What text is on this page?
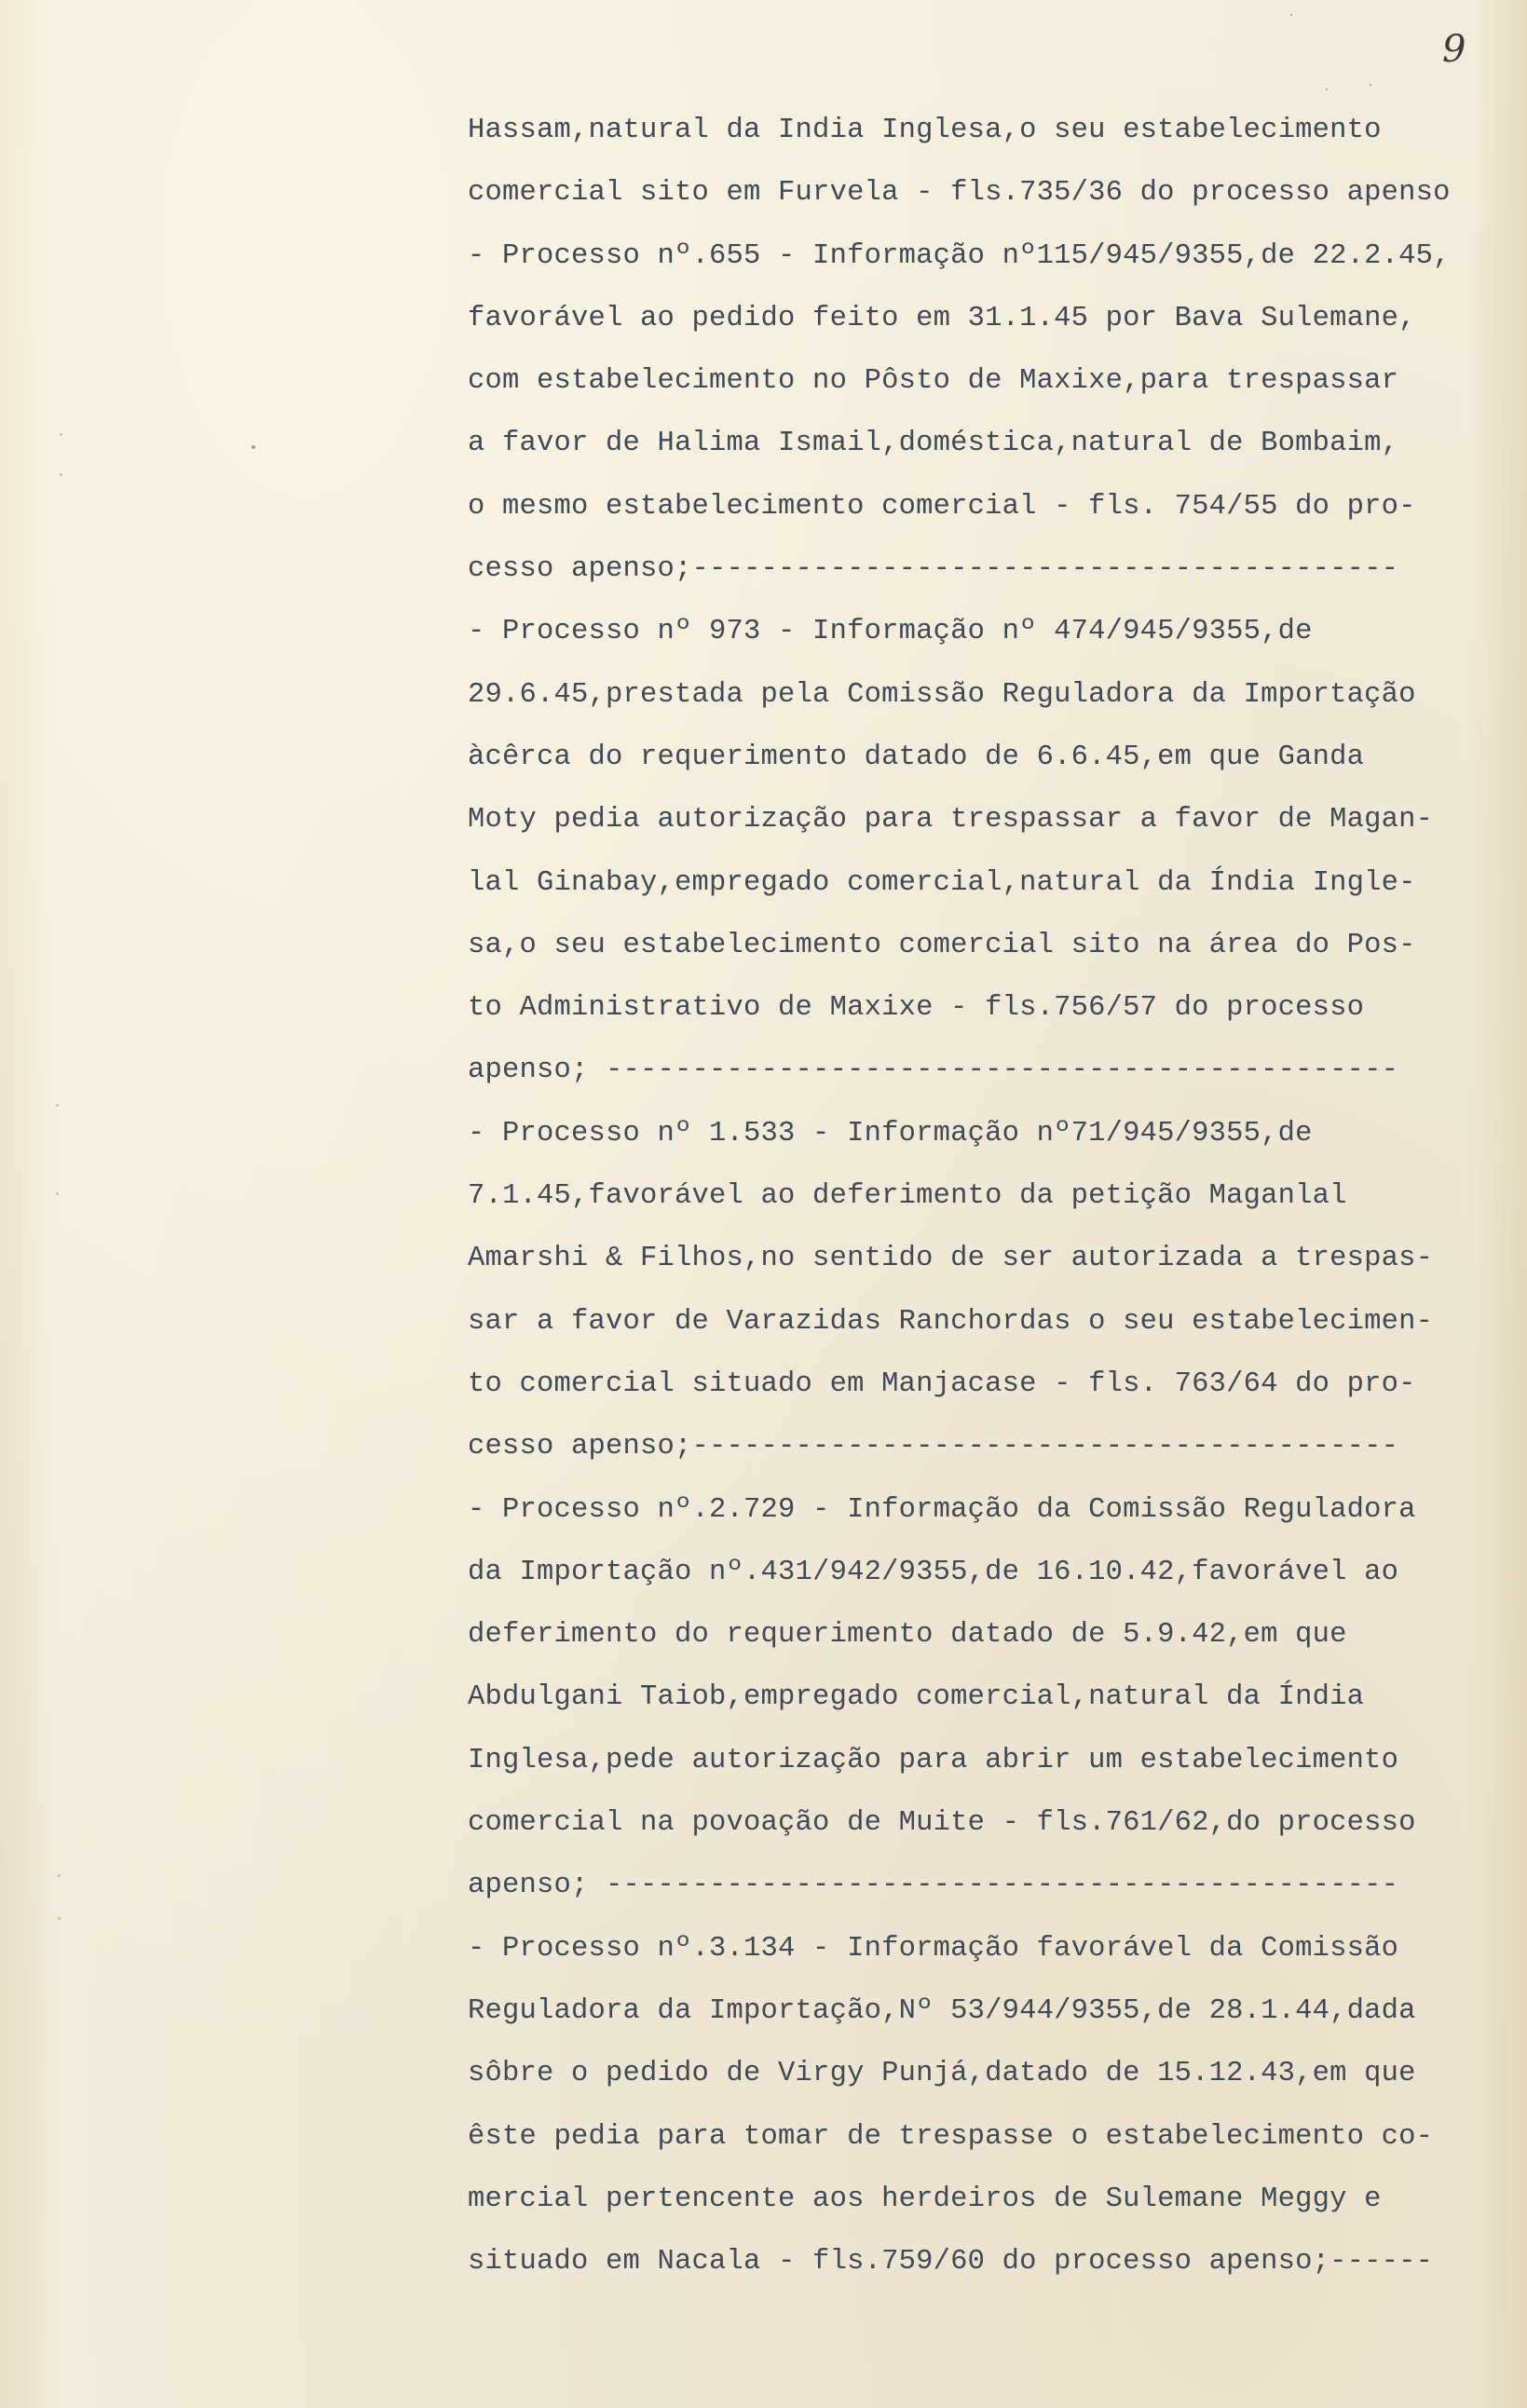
9
Hassam,natural da India Inglesa,o seu estabelecimento
comercial sito em Furvela - fls.735/36 do processo apenso
- Processo nº.655 - Informação nº115/945/9355,de 22.2.45,
favorável ao pedido feito em 31.1.45 por Bava Sulemane,
com estabelecimento no Pôsto de Maxixe,para trespassar
a favor de Halima Ismail,doméstica,natural de Bombaim,
o mesmo estabelecimento comercial - fls. 754/55 do pro-
cesso apenso;-----------------------------------------
- Processo nº 973 - Informação nº 474/945/9355,de
29.6.45,prestada pela Comissão Reguladora da Importação
àcêrca do requerimento datado de 6.6.45,em que Ganda
Moty pedia autorização para trespassar a favor de Magan-
lal Ginabay,empregado comercial,natural da Índia Ingle-
sa,o seu estabelecimento comercial sito na área do Pos-
to Administrativo de Maxixe - fls.756/57 do processo
apenso; ----------------------------------------------
- Processo nº 1.533 - Informação nº71/945/9355,de
7.1.45,favorável ao deferimento da petição Maganlal
Amarshi & Filhos,no sentido de ser autorizada a trespas-
sar a favor de Varazidas Ranchordas o seu estabelecimen-
to comercial situado em Manjacase - fls. 763/64 do pro-
cesso apenso;-----------------------------------------
- Processo nº.2.729 - Informação da Comissão Reguladora
da Importação nº.431/942/9355,de 16.10.42,favorável ao
deferimento do requerimento datado de 5.9.42,em que
Abdulgani Taiob,empregado comercial,natural da Índia
Inglesa,pede autorização para abrir um estabelecimento
comercial na povoação de Muite - fls.761/62,do processo
apenso; ----------------------------------------------
- Processo nº.3.134 - Informação favorável da Comissão
Reguladora da Importação,Nº 53/944/9355,de 28.1.44,dada
sôbre o pedido de Virgy Punjá,datado de 15.12.43,em que
êste pedia para tomar de trespasse o estabelecimento co-
mercial pertencente aos herdeiros de Sulemane Meggy e
situado em Nacala - fls.759/60 do processo apenso;------
